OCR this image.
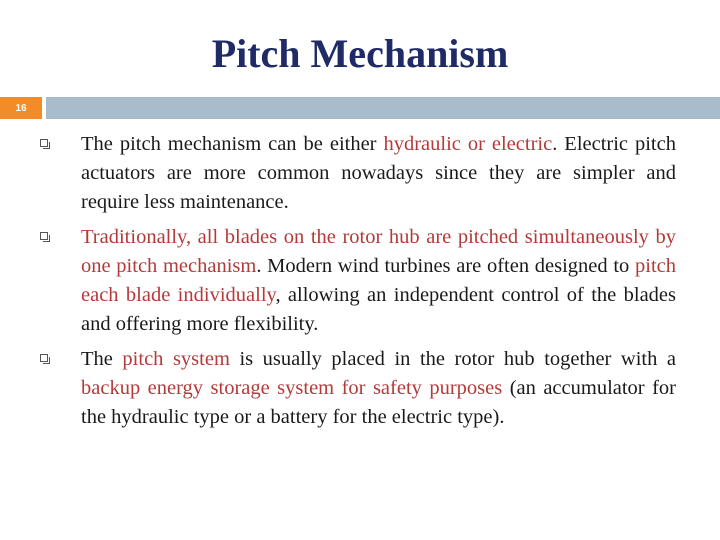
Pitch Mechanism
16
The pitch mechanism can be either hydraulic or electric. Electric pitch actuators are more common nowadays since they are simpler and require less maintenance.
Traditionally, all blades on the rotor hub are pitched simultaneously by one pitch mechanism. Modern wind turbines are often designed to pitch each blade individually, allowing an independent control of the blades and offering more flexibility.
The pitch system is usually placed in the rotor hub together with a backup energy storage system for safety purposes (an accumulator for the hydraulic type or a battery for the electric type).
